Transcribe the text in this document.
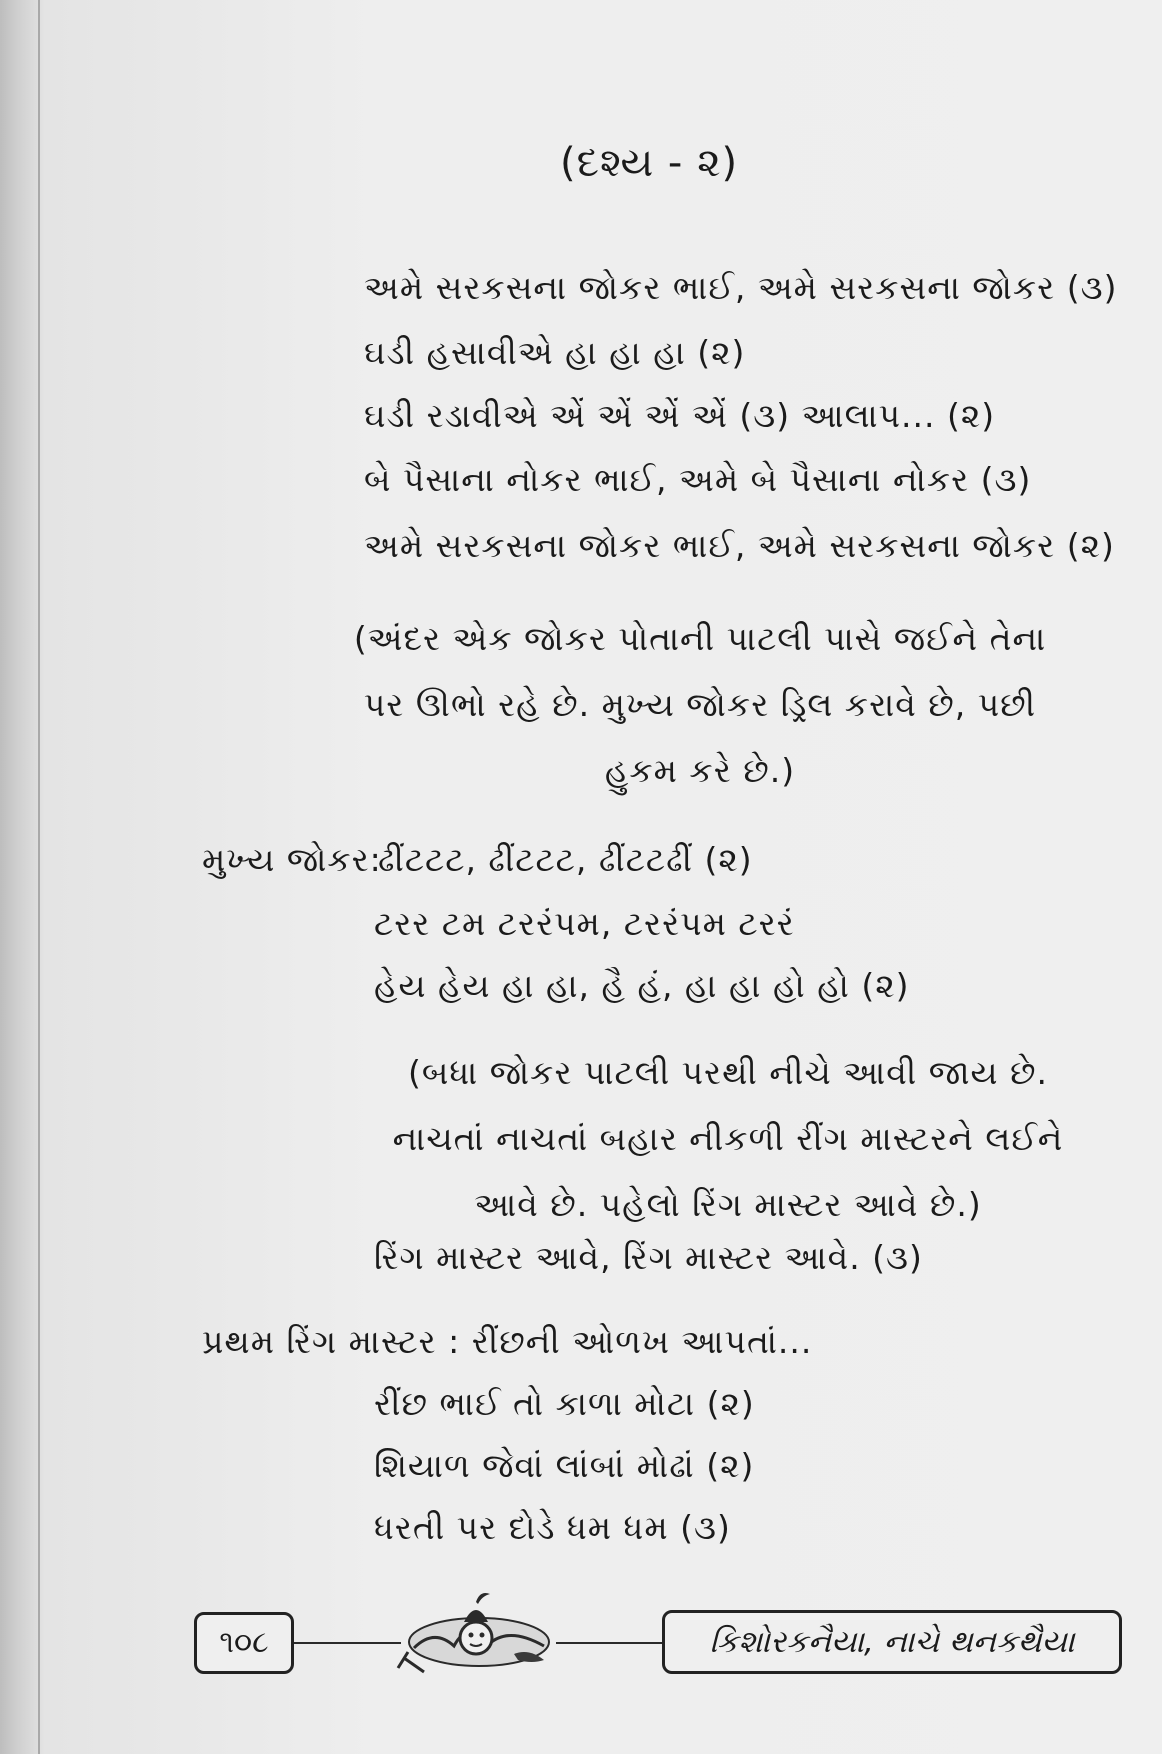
(દશ્ય - ૨)
અમે સરકસના જોકર ભાઈ, અમે સરકસના જોકર (૩)
ઘડી હસાવીએ હા હા હા (૨)
ઘડી રડાવીએ એં એં એં એં (૩) આલાપ... (૨)
બે પૈસાના નોકર ભાઈ, અમે બે પૈસાના નોકર (૩)
અમે સરકસના જોકર ભાઈ, અમે સરકસના જોકર (૨)
(અંદર એક જોકર પોતાની પાટલી પાસે જઈને તેના
પર ઊભો રહે છે. મુખ્ય જોકર ડ્રિલ કરાવે છે, પછી
હુકમ કરે છે.)
મુખ્ય જોકર:
ઢીંટટટ, ઢીંટટટ, ઢીંટટઢીં (૨)
ટરર ટમ ટરરંપમ, ટરરંપમ ટરરં
હેય હેય હા હા, હૈ હં, હા હા હો હો (૨)
(બધા જોકર પાટલી પરથી નીચે આવી જાય છે.
નાચતાં નાચતાં બહાર નીકળી રીંગ માસ્ટરને લઈને
આવે છે. પહેલો રિંગ માસ્ટર આવે છે.)
રિંગ માસ્ટર આવે, રિંગ માસ્ટર આવે. (૩)
પ્રથમ રિંગ માસ્ટર : રીંછની ઓળખ આપતાં...
રીંછ ભાઈ તો કાળા મોટા (૨)
શિયાળ જેવાં લાંબાં મોઢાં (૨)
ધરતી પર દોડે ધમ ધમ (૩)
૧૦૮	કિશોરકનૈયા, નાચે થનકથૈયા
